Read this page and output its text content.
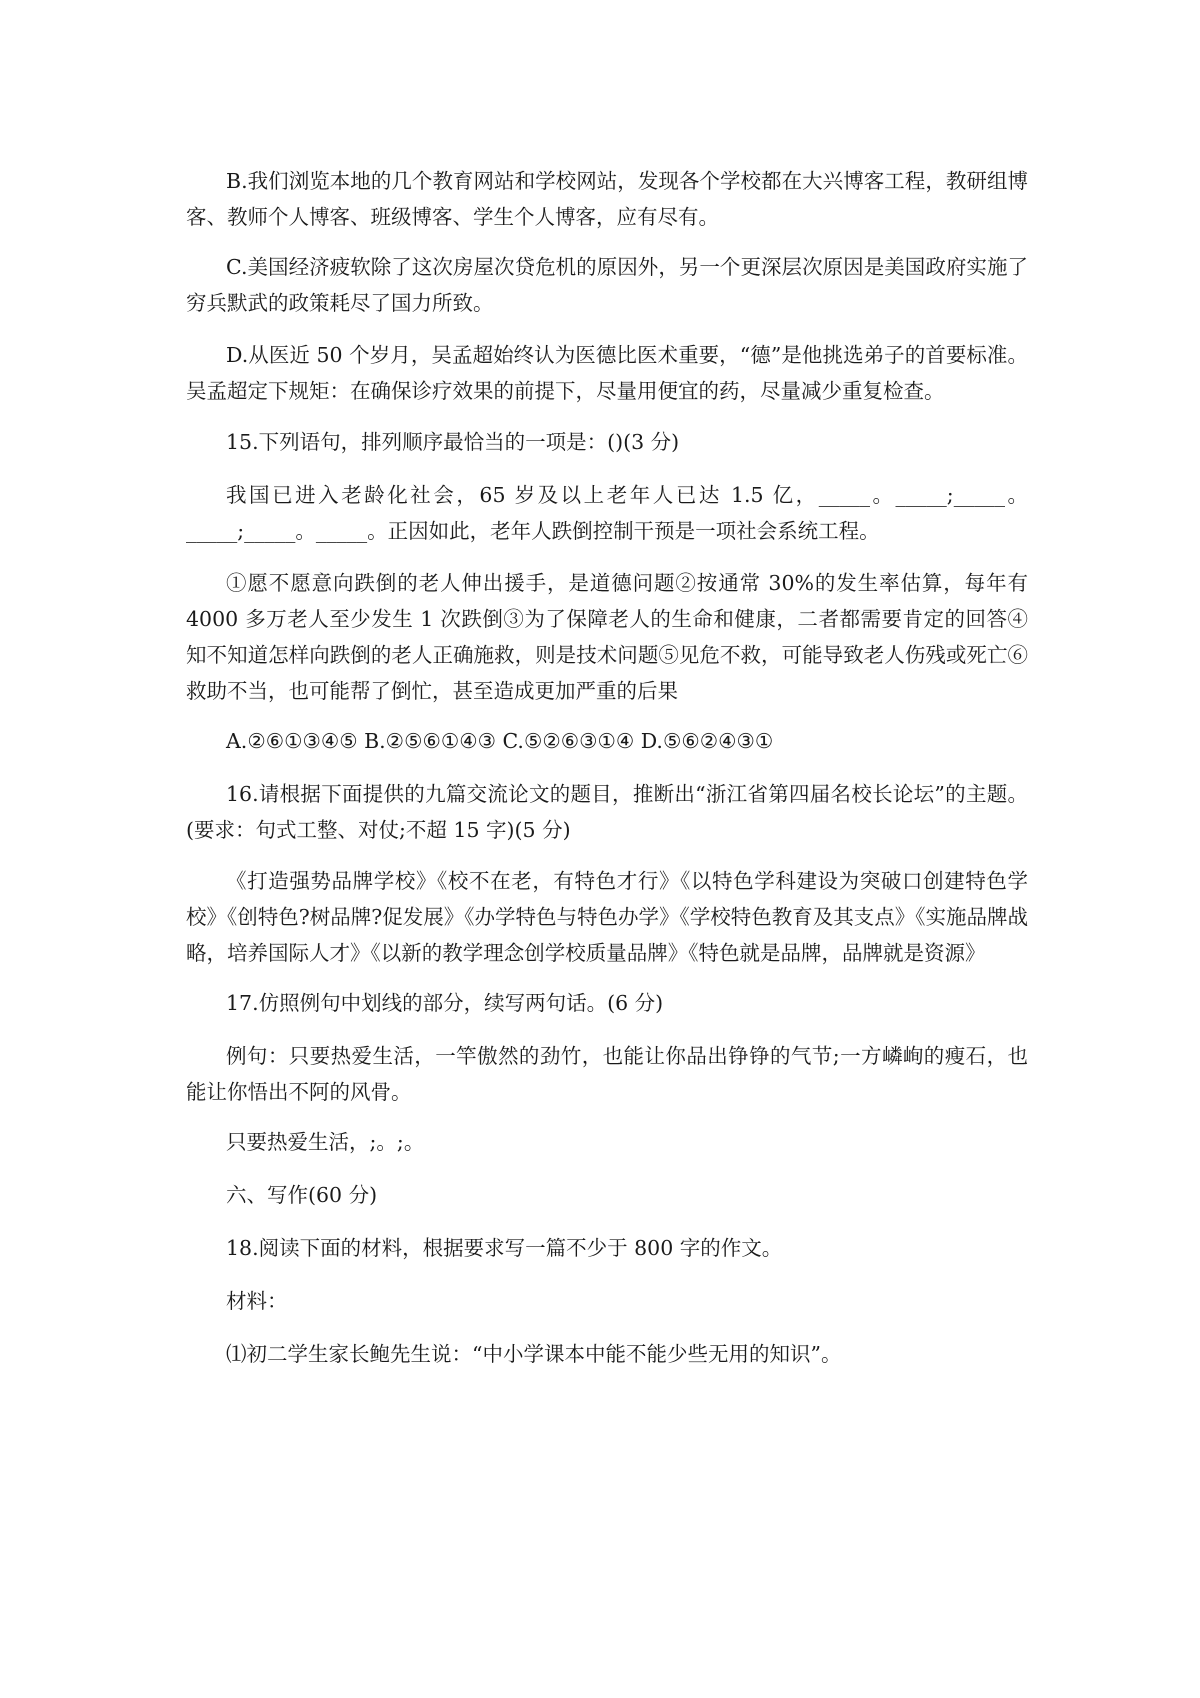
B.我们浏览本地的几个教育网站和学校网站，发现各个学校都在大兴博客工程，教研组博客、教师个人博客、班级博客、学生个人博客，应有尽有。

C.美国经济疲软除了这次房屋次贷危机的原因外，另一个更深层次原因是美国政府实施了穷兵默武的政策耗尽了国力所致。

D.从医近 50 个岁月，吴孟超始终认为医德比医术重要，“德”是他挑选弟子的首要标准。吴孟超定下规矩：在确保诊疗效果的前提下，尽量用便宜的药，尽量减少重复检查。

15.下列语句，排列顺序最恰当的一项是：()(3 分)

我国已进入老龄化社会，65 岁及以上老年人已达 1.5 亿，_____。_____;_____。_____;_____。_____。正因如此，老年人跌倒控制干预是一项社会系统工程。

①愿不愿意向跌倒的老人伸出援手，是道德问题②按通常 30%的发生率估算，每年有 4000 多万老人至少发生 1 次跌倒③为了保障老人的生命和健康，二者都需要肯定的回答④知不知道怎样向跌倒的老人正确施救，则是技术问题⑤见危不救，可能导致老人伤残或死亡⑥救助不当，也可能帮了倒忙，甚至造成更加严重的后果

A.②⑥①③④⑤ B.②⑤⑥①④③ C.⑤②⑥③①④ D.⑤⑥②④③①

16.请根据下面提供的九篇交流论文的题目，推断出“浙江省第四届名校长论坛”的主题。(要求：句式工整、对仗;不超 15 字)(5 分)

《打造强势品牌学校》《校不在老，有特色才行》《以特色学科建设为突破口创建特色学校》《创特色?树品牌?促发展》《办学特色与特色办学》《学校特色教育及其支点》《实施品牌战略，培养国际人才》《以新的教学理念创学校质量品牌》《特色就是品牌，品牌就是资源》

17.仿照例句中划线的部分，续写两句话。(6 分)

例句：只要热爱生活，一竿傲然的劲竹，也能让你品出铮铮的气节;一方嶙峋的瘦石，也能让你悟出不阿的风骨。

只要热爱生活，;。;。

六、写作(60 分)

18.阅读下面的材料，根据要求写一篇不少于 800 字的作文。

材料：

⑴初二学生家长鲍先生说：“中小学课本中能不能少些无用的知识”。
